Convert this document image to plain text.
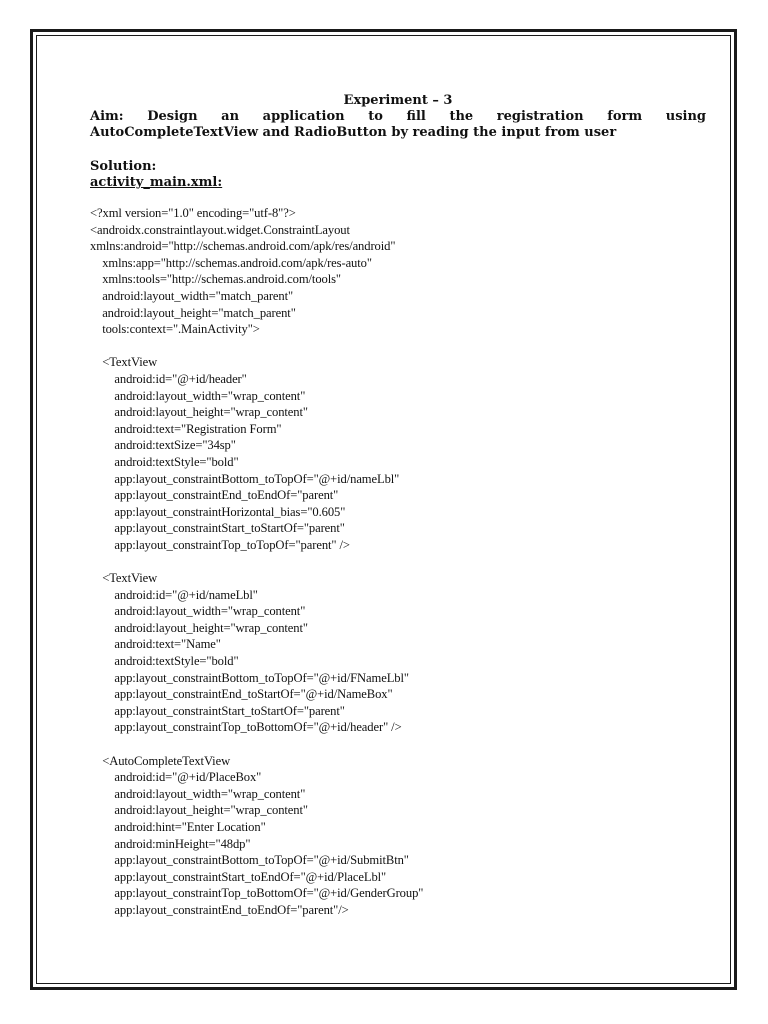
Experiment – 3

Aim: Design an application to fill the registration form using AutoCompleteTextView and RadioButton by reading the input from user

Solution:

activity_main.xml:

<?xml version="1.0" encoding="utf-8"?>
<androidx.constraintlayout.widget.ConstraintLayout
xmlns:android="http://schemas.android.com/apk/res/android"
xmlns:app="http://schemas.android.com/apk/res-auto"
xmlns:tools="http://schemas.android.com/tools"
android:layout_width="match_parent"
android:layout_height="match_parent"
tools:context=".MainActivity">
<TextView
android:id="@+id/header"
android:layout_width="wrap_content"
android:layout_height="wrap_content"
android:text="Registration Form"
android:textSize="34sp"
android:textStyle="bold"
app:layout_constraintBottom_toTopOf="@+id/nameLbl"
app:layout_constraintEnd_toEndOf="parent"
app:layout_constraintHorizontal_bias="0.605"
app:layout_constraintStart_toStartOf="parent"
app:layout_constraintTop_toTopOf="parent" />
<TextView
android:id="@+id/nameLbl"
android:layout_width="wrap_content"
android:layout_height="wrap_content"
android:text="Name"
android:textStyle="bold"
app:layout_constraintBottom_toTopOf="@+id/FNameLbl"
app:layout_constraintEnd_toStartOf="@+id/NameBox"
app:layout_constraintStart_toStartOf="parent"
app:layout_constraintTop_toBottomOf="@+id/header" />
<AutoCompleteTextView
android:id="@+id/PlaceBox"
android:layout_width="wrap_content"
android:layout_height="wrap_content"
android:hint="Enter Location"
android:minHeight="48dp"
app:layout_constraintBottom_toTopOf="@+id/SubmitBtn"
app:layout_constraintStart_toEndOf="@+id/PlaceLbl"
app:layout_constraintTop_toBottomOf="@+id/GenderGroup"
app:layout_constraintEnd_toEndOf="parent"/>
